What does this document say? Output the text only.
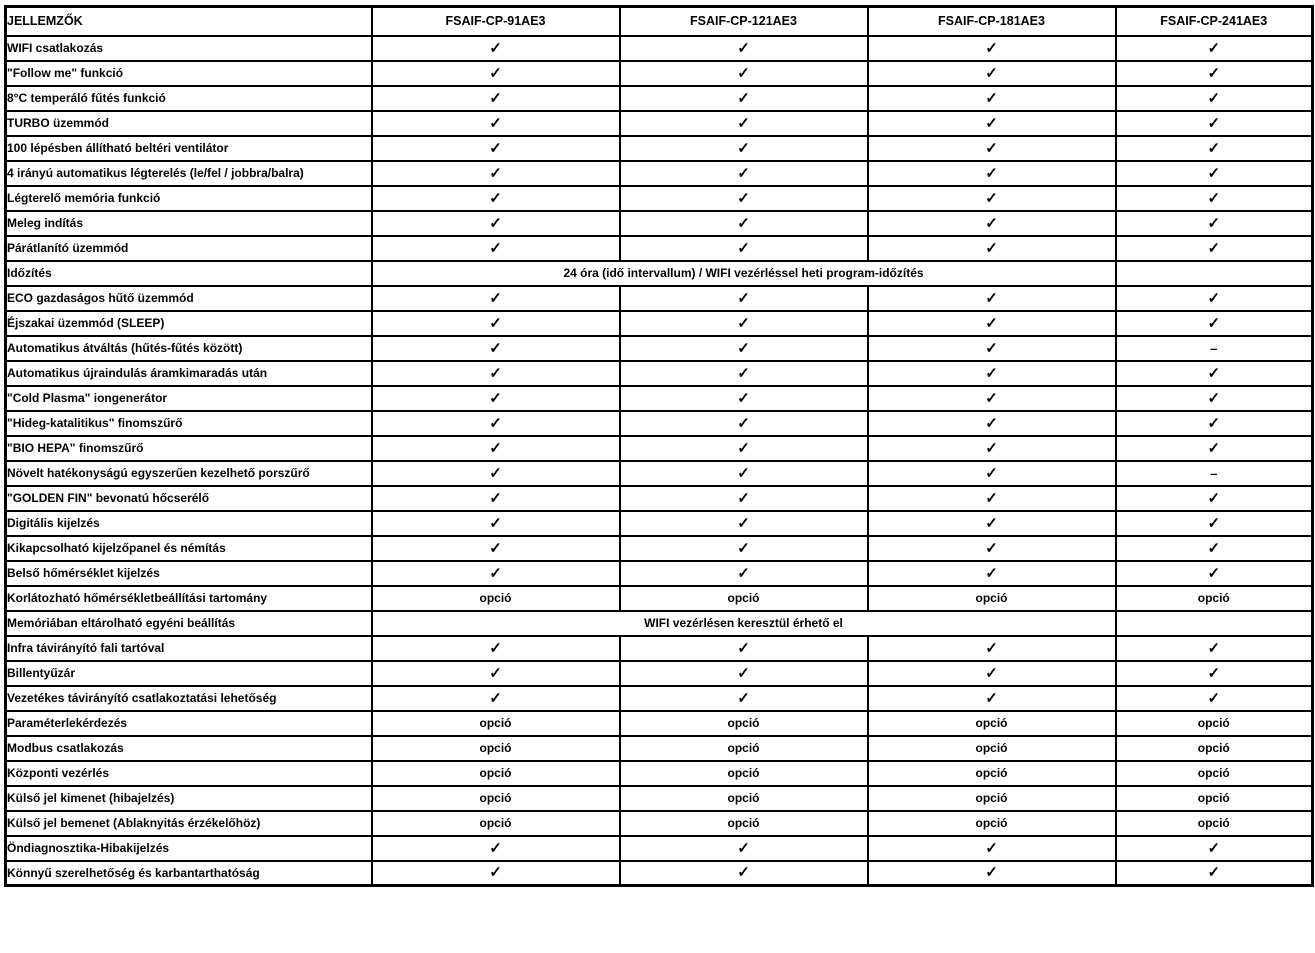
JELLEMZŐK	FSAIF-CP-91AE3	FSAIF-CP-121AE3	FSAIF-CP-181AE3	FSAIF-CP-241AE3
WIFI csatlakozás	✓	✓	✓	✓
"Follow me" funkció	✓	✓	✓	✓
8°C temperáló fűtés funkció	✓	✓	✓	✓
TURBO üzemmód	✓	✓	✓	✓
100 lépésben állítható beltéri ventilátor	✓	✓	✓	✓
4 irányú automatikus légterelés (le/fel / jobbra/balra)	✓	✓	✓	✓
Légterelő memória funkció	✓	✓	✓	✓
Meleg indítás	✓	✓	✓	✓
Párátlanító üzemmód	✓	✓	✓	✓
Időzítés	24 óra (idő intervallum) / WIFI vezérléssel heti program-időzítés			
ECO gazdaságos hűtő üzemmód	✓	✓	✓	✓
Éjszakai üzemmód (SLEEP)	✓	✓	✓	✓
Automatikus átváltás (hűtés-fűtés között)	✓	✓	✓	–
Automatikus újraindulás áramkimaradás után	✓	✓	✓	✓
"Cold Plasma" iongenerátor	✓	✓	✓	✓
"Hideg-katalitikus" finomszűrő	✓	✓	✓	✓
"BIO HEPA" finomszűrő	✓	✓	✓	✓
Növelt hatékonyságú egyszerűen kezelhető porszűrő	✓	✓	✓	–
"GOLDEN FIN" bevonatú hőcserélő	✓	✓	✓	✓
Digitális kijelzés	✓	✓	✓	✓
Kikapcsolható kijelzőpanel és némítás	✓	✓	✓	✓
Belső hőmérséklet kijelzés	✓	✓	✓	✓
Korlátozható hőmérsékletbeállítási tartomány	opció	opció	opció	opció
Memóriában eltárolható egyéni beállítás	WIFI vezérlésen keresztül érhető el			
Infra távirányító fali tartóval	✓	✓	✓	✓
Billentyűzár	✓	✓	✓	✓
Vezetékes távirányító csatlakoztatási lehetőség	✓	✓	✓	✓
Paraméterlekérdezés	opció	opció	opció	opció
Modbus csatlakozás	opció	opció	opció	opció
Központi vezérlés	opció	opció	opció	opció
Külső jel kimenet (hibajelzés)	opció	opció	opció	opció
Külső jel bemenet (Ablaknyitás érzékelőhöz)	opció	opció	opció	opció
Öndiagnosztika-Hibakijelzés	✓	✓	✓	✓
Könnyű szerelhetőség és karbantarthatóság	✓	✓	✓	✓
